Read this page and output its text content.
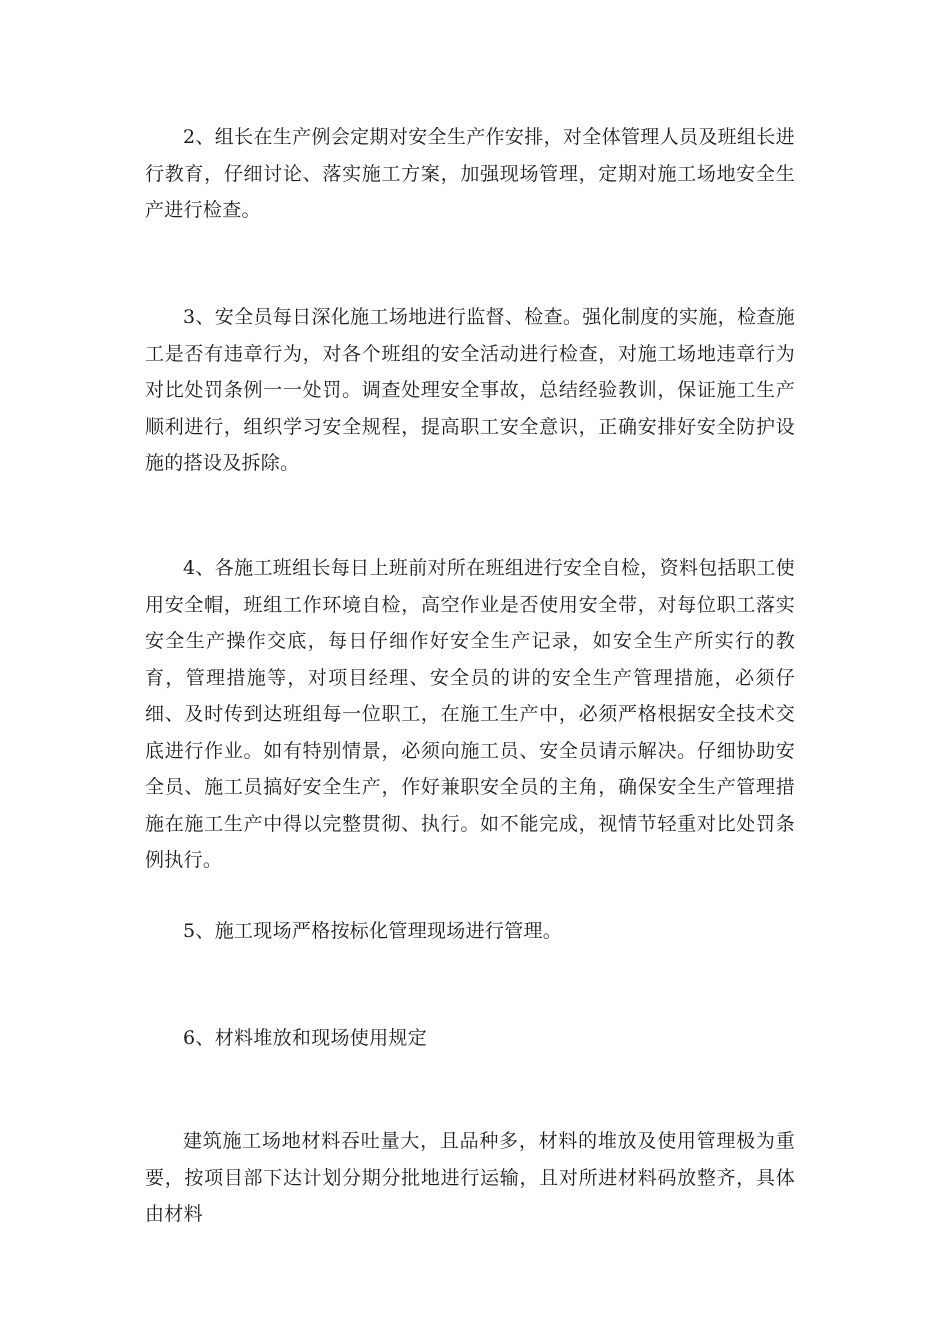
2、组长在生产例会定期对安全生产作安排，对全体管理人员及班组长进行教育，仔细讨论、落实施工方案，加强现场管理，定期对施工场地安全生产进行检查。

3、安全员每日深化施工场地进行监督、检查。强化制度的实施，检查施工是否有违章行为，对各个班组的安全活动进行检查，对施工场地违章行为对比处罚条例一一处罚。调查处理安全事故，总结经验教训，保证施工生产顺利进行，组织学习安全规程，提高职工安全意识，正确安排好安全防护设施的搭设及拆除。

4、各施工班组长每日上班前对所在班组进行安全自检，资料包括职工使用安全帽，班组工作环境自检，高空作业是否使用安全带，对每位职工落实安全生产操作交底，每日仔细作好安全生产记录，如安全生产所实行的教育，管理措施等，对项目经理、安全员的讲的安全生产管理措施，必须仔细、及时传到达班组每一位职工，在施工生产中，必须严格根据安全技术交底进行作业。如有特别情景，必须向施工员、安全员请示解决。仔细协助安全员、施工员搞好安全生产，作好兼职安全员的主角，确保安全生产管理措施在施工生产中得以完整贯彻、执行。如不能完成，视情节轻重对比处罚条例执行。

5、施工现场严格按标化管理现场进行管理。

6、材料堆放和现场使用规定

建筑施工场地材料吞吐量大，且品种多，材料的堆放及使用管理极为重要，按项目部下达计划分期分批地进行运输，且对所进材料码放整齐，具体由材料
